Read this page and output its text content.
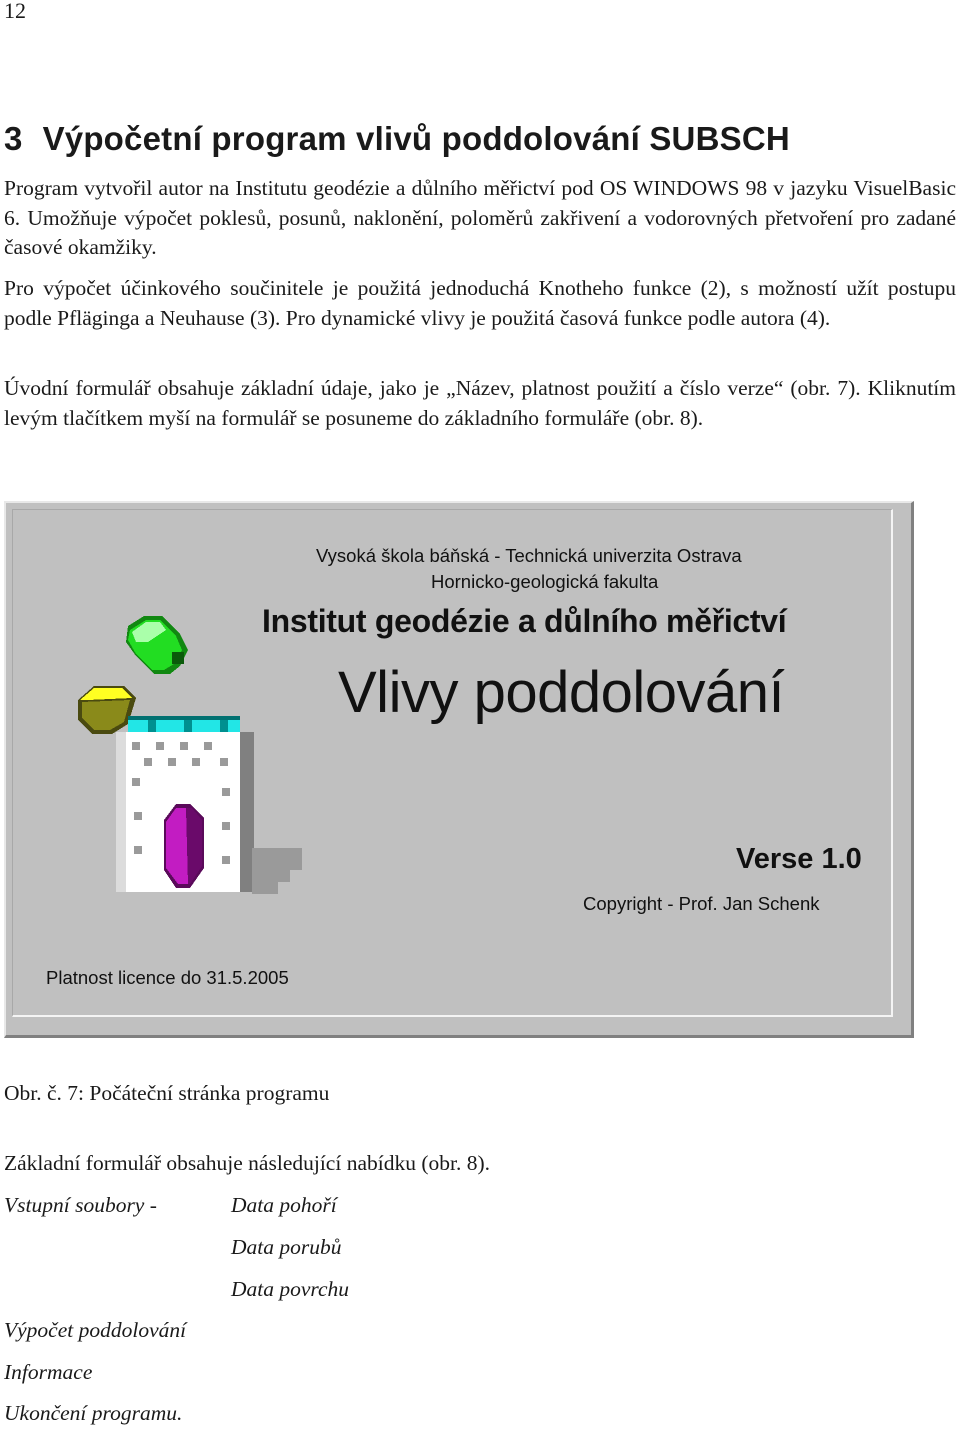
12
3 Výpočetní program vlivů poddolování SUBSCH

Program vytvořil autor na Institutu geodézie a důlního měřictví pod OS WINDOWS 98 v jazyku VisuelBasic 6. Umožňuje výpočet poklesů, posunů, naklonění, poloměrů zakřivení a vodorovných přetvoření pro zadané časové okamžiky.

Pro výpočet účinkového součinitele je použitá jednoduchá Knotheho funkce (2), s možností užít postupu podle Pfläginga a Neuhause (3). Pro dynamické vlivy je použitá časová funkce podle autora (4).

Úvodní formulář obsahuje základní údaje, jako je „Název, platnost použití a číslo verze“ (obr. 7). Kliknutím levým tlačítkem myší na formulář se posuneme do základního formuláře (obr. 8).

Vysoká škola báňská - Technická univerzita Ostrava
Hornicko-geologická fakulta
Institut geodézie a důlního měřictví
Vlivy poddolování
Verse 1.0
Copyright - Prof. Jan Schenk
Platnost licence do 31.5.2005

Obr. č. 7: Počáteční stránka programu

Základní formulář obsahuje následující nabídku (obr. 8).

Vstupní soubory -	Data pohoří
Data porubů
Data povrchu
Výpočet poddolování
Informace
Ukončení programu.
